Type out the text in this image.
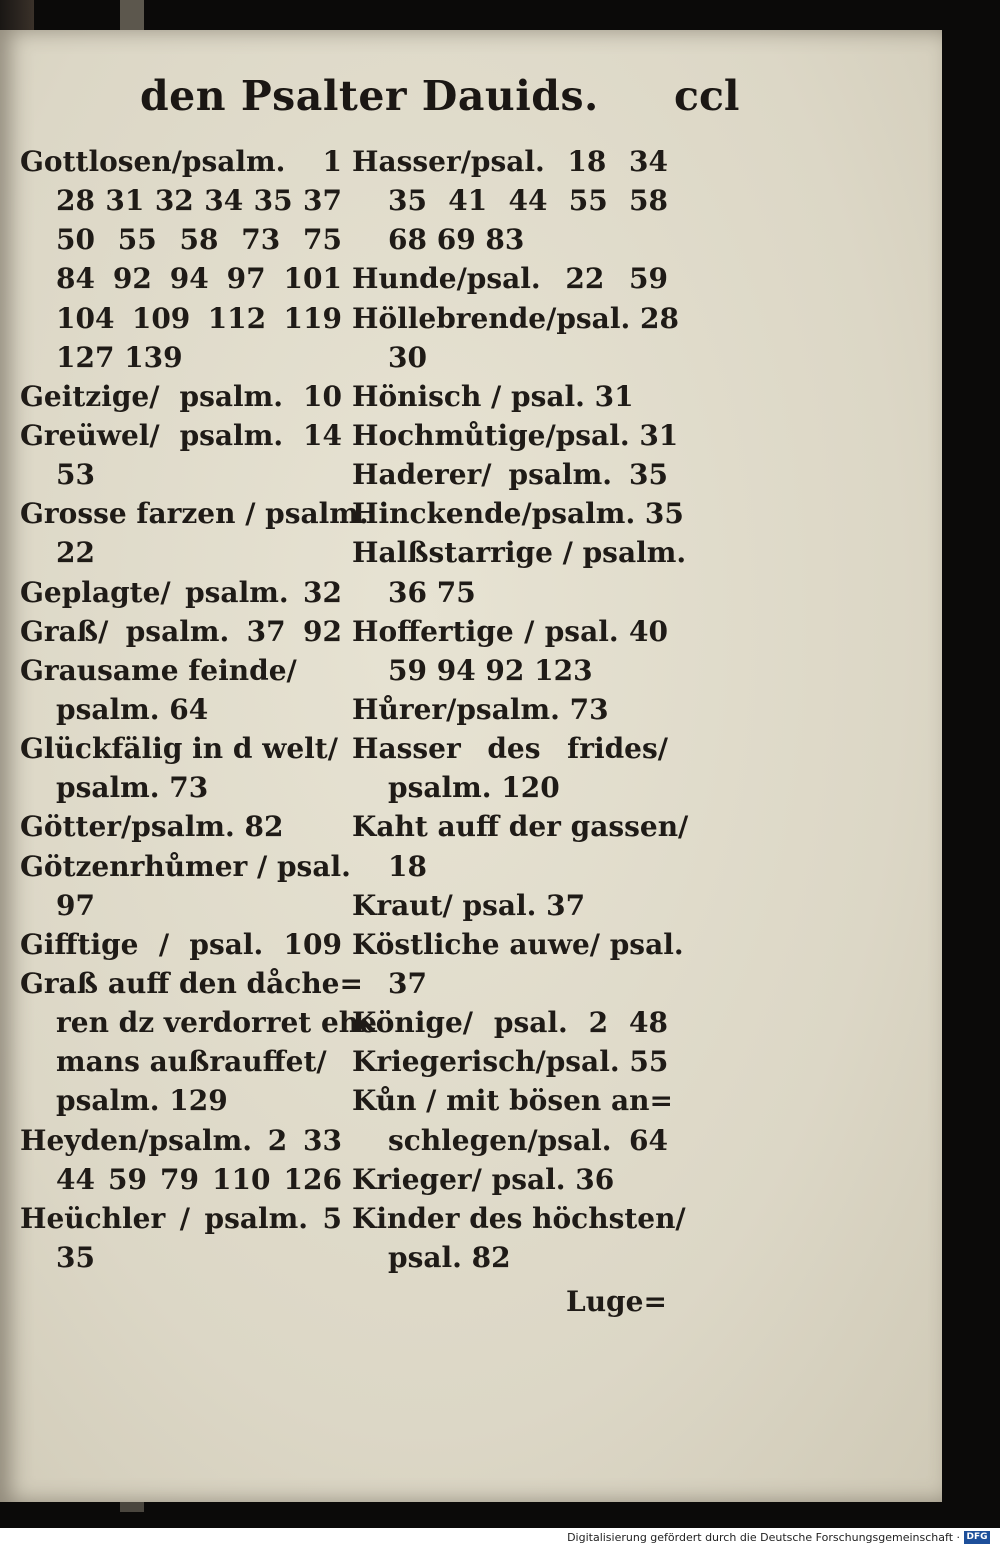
den Psalter Dauids. ccl
Gottlosen/psalm. 1
28 31 32 34 35 37
50 55 58 73 75
84 92 94 97 101
104 109 112 119
127 139
Geitzige/ psalm. 10
Greüwel/ psalm. 14
53
Grosse farzen / psalm.
22
Geplagte/ psalm. 32
Graß/ psalm. 37 92
Grausame feinde/
psalm. 64
Glückfälig in d welt/
psalm. 73
Götter/psalm. 82
Götzenrhůmer / psal.
97
Gifftige / psal. 109
Graß auff den dåche=
ren dz verdorret ehe
mans außrauffet/
psalm. 129
Heyden/psalm. 2 33
44 59 79 110 126
Heüchler / psalm. 5
35
Hasser/psal. 18 34
35 41 44 55 58
68 69 83
Hunde/psal. 22 59
Höllebrende/psal. 28
30
Hönisch / psal. 31
Hochmůtige/psal. 31
Haderer/ psalm. 35
Hinckende/psalm. 35
Halßstarrige / psalm.
36 75
Hoffertige / psal. 40
59 94 92 123
Hůrer/psalm. 73
Hasser des frides/
psalm. 120
Kaht auff der gassen/
18
Kraut/ psal. 37
Köstliche auwe/ psal.
37
Könige/ psal. 2 48
Kriegerisch/psal. 55
Kůn / mit bösen an=
schlegen/psal. 64
Krieger/ psal. 36
Kinder des höchsten/
psal. 82
Luge=
Digitalisierung gefördert durch die Deutsche Forschungsgemeinschaft · DFG
